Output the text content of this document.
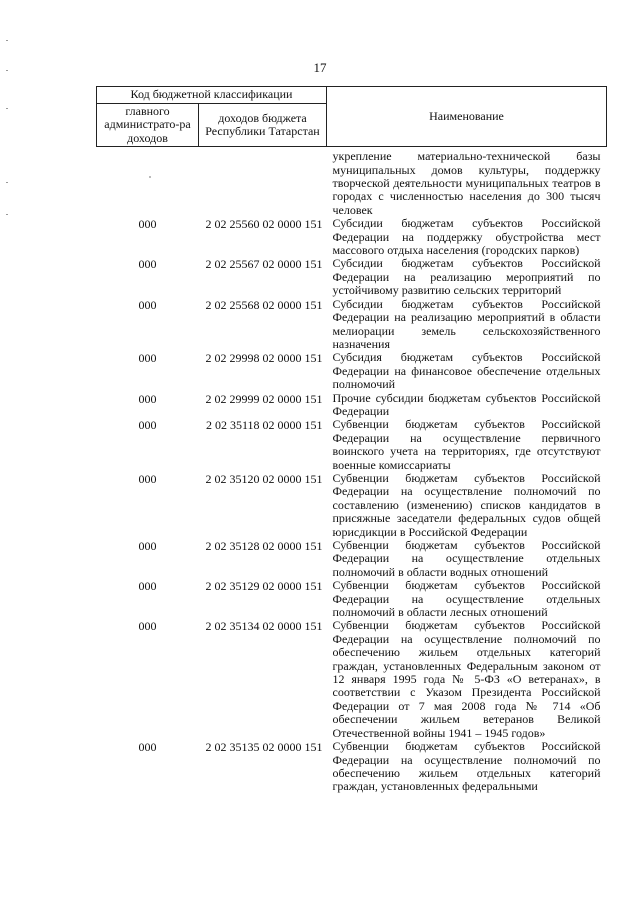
17
Код бюджетной классификации		Наименование
главного администрато-ра доходов	доходов бюджета Республики Татарстан	
		укрепление материально-технической базы муниципальных домов культуры, поддержку творческой деятельности муниципальных театров в городах с численностью населения до 300 тысяч человек
000	2 02 25560 02 0000 151	Субсидии бюджетам субъектов Российской Федерации на поддержку обустройства мест массового отдыха населения (городских парков)
000	2 02 25567 02 0000 151	Субсидии бюджетам субъектов Российской Федерации на реализацию мероприятий по устойчивому развитию сельских территорий
000	2 02 25568 02 0000 151	Субсидии бюджетам субъектов Российской Федерации на реализацию мероприятий в области мелиорации земель сельскохозяйственного назначения
000	2 02 29998 02 0000 151	Субсидия бюджетам субъектов Российской Федерации на финансовое обеспечение отдельных полномочий
000	2 02 29999 02 0000 151	Прочие субсидии бюджетам субъектов Российской Федерации
000	2 02 35118 02 0000 151	Субвенции бюджетам субъектов Российской Федерации на осуществление первичного воинского учета на территориях, где отсутствуют военные комиссариаты
000	2 02 35120 02 0000 151	Субвенции бюджетам субъектов Российской Федерации на осуществление полномочий по составлению (изменению) списков кандидатов в присяжные заседатели федеральных судов общей юрисдикции в Российской Федерации
000	2 02 35128 02 0000 151	Субвенции бюджетам субъектов Российской Федерации на осуществление отдельных полномочий в области водных отношений
000	2 02 35129 02 0000 151	Субвенции бюджетам субъектов Российской Федерации на осуществление отдельных полномочий в области лесных отношений
000	2 02 35134 02 0000 151	Субвенции бюджетам субъектов Российской Федерации на осуществление полномочий по обеспечению жильем отдельных категорий граждан, установленных Федеральным законом от 12 января 1995 года № 5-ФЗ «О ветеранах», в соответствии с Указом Президента Российской Федерации от 7 мая 2008 года № 714 «Об обеспечении жильем ветеранов Великой Отечественной войны 1941 – 1945 годов»
000	2 02 35135 02 0000 151	Субвенции бюджетам субъектов Российской Федерации на осуществление полномочий по обеспечению жильем отдельных категорий граждан, установленных федеральными
